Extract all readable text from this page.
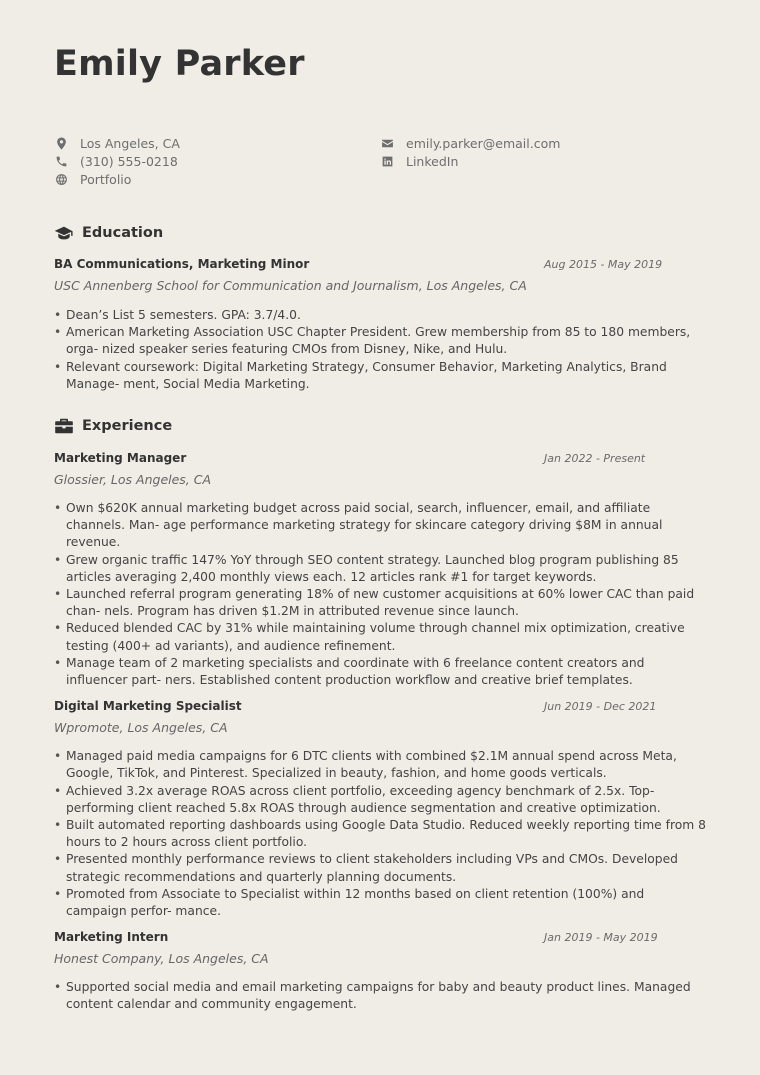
Emily Parker
Los Angeles, CA
(310) 555-0218
Portfolio
emily.parker@email.com
LinkedIn
Education
BA Communications, Marketing Minor	Aug 2015 - May 2019
USC Annenberg School for Communication and Journalism, Los Angeles, CA
• Dean’s List 5 semesters. GPA: 3.7/4.0.
• American Marketing Association USC Chapter President. Grew membership from 85 to 180 members, orga- nized speaker series featuring CMOs from Disney, Nike, and Hulu.
• Relevant coursework: Digital Marketing Strategy, Consumer Behavior, Marketing Analytics, Brand Manage- ment, Social Media Marketing.
Experience
Marketing Manager	Jan 2022 - Present
Glossier, Los Angeles, CA
• Own $620K annual marketing budget across paid social, search, influencer, email, and affiliate channels. Man- age performance marketing strategy for skincare category driving $8M in annual revenue.
• Grew organic traffic 147% YoY through SEO content strategy. Launched blog program publishing 85 articles averaging 2,400 monthly views each. 12 articles rank #1 for target keywords.
• Launched referral program generating 18% of new customer acquisitions at 60% lower CAC than paid chan- nels. Program has driven $1.2M in attributed revenue since launch.
• Reduced blended CAC by 31% while maintaining volume through channel mix optimization, creative testing (400+ ad variants), and audience refinement.
• Manage team of 2 marketing specialists and coordinate with 6 freelance content creators and influencer part- ners. Established content production workflow and creative brief templates.
Digital Marketing Specialist	Jun 2019 - Dec 2021
Wpromote, Los Angeles, CA
• Managed paid media campaigns for 6 DTC clients with combined $2.1M annual spend across Meta, Google, TikTok, and Pinterest. Specialized in beauty, fashion, and home goods verticals.
• Achieved 3.2x average ROAS across client portfolio, exceeding agency benchmark of 2.5x. Top-performing client reached 5.8x ROAS through audience segmentation and creative optimization.
• Built automated reporting dashboards using Google Data Studio. Reduced weekly reporting time from 8 hours to 2 hours across client portfolio.
• Presented monthly performance reviews to client stakeholders including VPs and CMOs. Developed strategic recommendations and quarterly planning documents.
• Promoted from Associate to Specialist within 12 months based on client retention (100%) and campaign perfor- mance.
Marketing Intern	Jan 2019 - May 2019
Honest Company, Los Angeles, CA
• Supported social media and email marketing campaigns for baby and beauty product lines. Managed content calendar and community engagement.
